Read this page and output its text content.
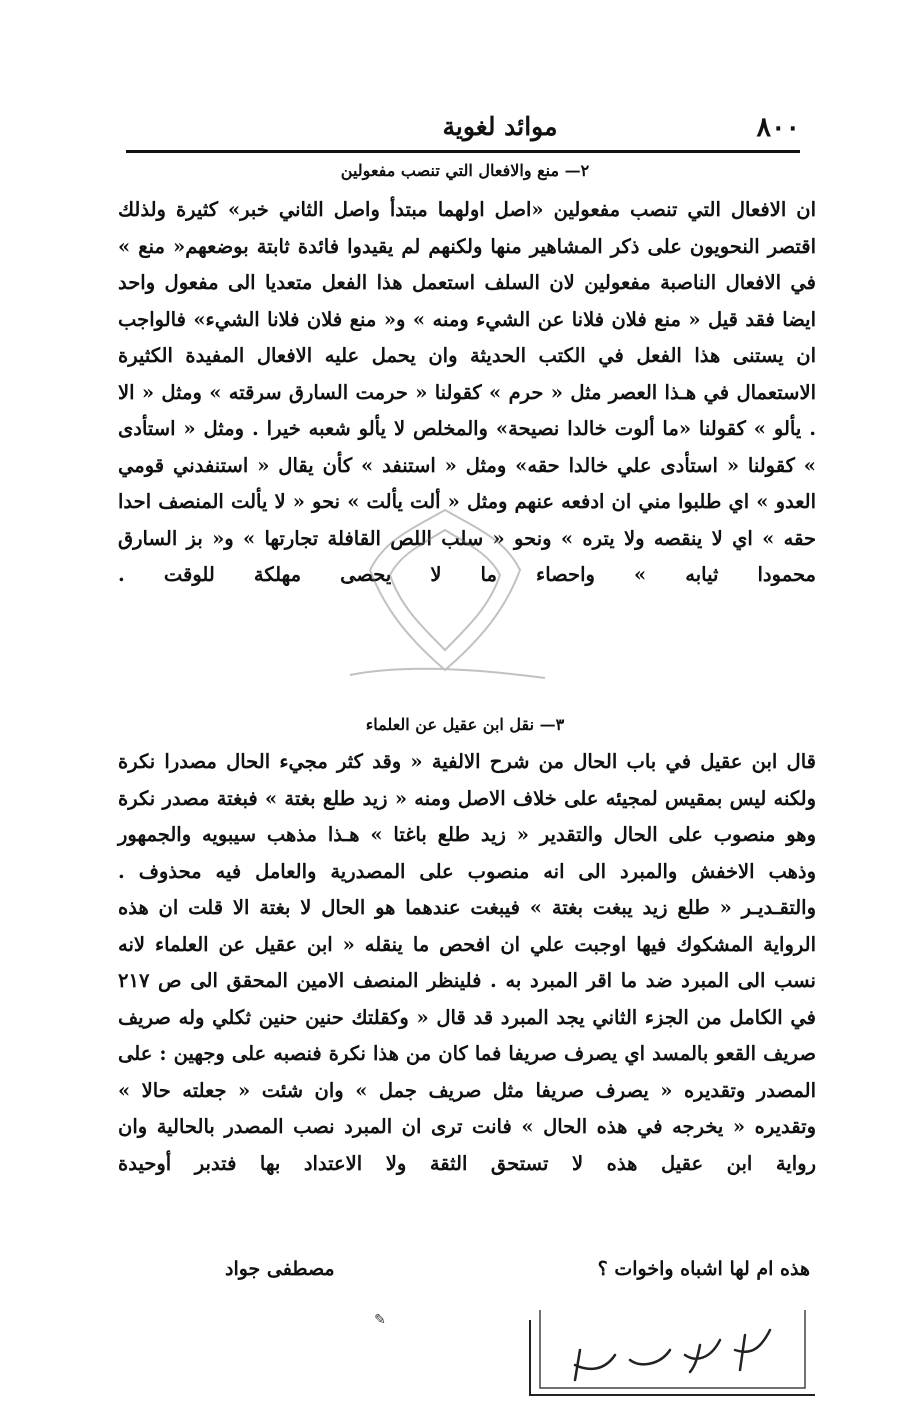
٨٠٠
موائد لغوية
٢— منع والافعال التي تنصب مفعولين
ان الافعال التي تنصب مفعولين «اصل اولهما مبتدأ واصل الثاني خبر» كثيرة ولذلك اقتصر النحويون على ذكر المشاهير منها ولكنهم لم يقيدوا فائدة ثابتة بوضعهم« منع » في الافعال الناصبة مفعولين لان السلف استعمل هذا الفعل متعديا الى مفعول واحد ايضا فقد قيل « منع فلان فلانا عن الشيء ومنه » و« منع فلان فلانا الشيء» فالواجب ان يستنى هذا الفعل في الكتب الحديثة وان يحمل عليه الافعال المفيدة الكثيرة الاستعمال في هـذا العصر مثل « حرم » كقولنا « حرمت السارق سرقته » ومثل « الا . يألو » كقولنا «ما ألوت خالدا نصيحة» والمخلص لا يألو شعبه خيرا . ومثل « استأدى » كقولنا « استأدى علي خالدا حقه» ومثل « استنفد » كأن يقال « استنفدني قومي العدو » اي طلبوا مني ان ادفعه عنهم ومثل « ألت يألت » نحو « لا يألت المنصف احدا حقه » اي لا ينقصه ولا يتره » ونحو « سلب اللص القافلة تجارتها » و« بز السارق محمودا ثيابه » واحصاء ما لا يحصى مهلكة للوقت .
٣— نقل ابن عقيل عن العلماء
قال ابن عقيل في باب الحال من شرح الالفية « وقد كثر مجيء الحال مصدرا نكرة ولكنه ليس بمقيس لمجيئه على خلاف الاصل ومنه « زيد طلع بغتة » فبغتة مصدر نكرة وهو منصوب على الحال والتقدير « زيد طلع باغتا » هـذا مذهب سيبويه والجمهور وذهب الاخفش والمبرد الى انه منصوب على المصدرية والعامل فيه محذوف . والتقـديـر « طلع زيد يبغت بغتة » فيبغت عندهما هو الحال لا بغتة الا قلت ان هذه الرواية المشكوك فيها اوجبت علي ان افحص ما ينقله « ابن عقيل عن العلماء لانه نسب الى المبرد ضد ما اقر المبرد به . فلينظر المنصف الامين المحقق الى ص ٢١٧ في الكامل من الجزء الثاني يجد المبرد قد قال « وكقلتك حنين حنين ثكلي وله صريف صريف القعو بالمسد اي يصرف صريفا فما كان من هذا نكرة فنصبه على وجهين : على المصدر وتقديره « يصرف صريفا مثل صريف جمل » وان شئت « جعلته حالا » وتقديره « يخرجه في هذه الحال » فانت ترى ان المبرد نصب المصدر بالحالية وان رواية ابن عقيل هذه لا تستحق الثقة ولا الاعتداد بها فتدبر أوحيدة
هذه ام لها اشباه واخوات ؟
مصطفى جواد
✎
